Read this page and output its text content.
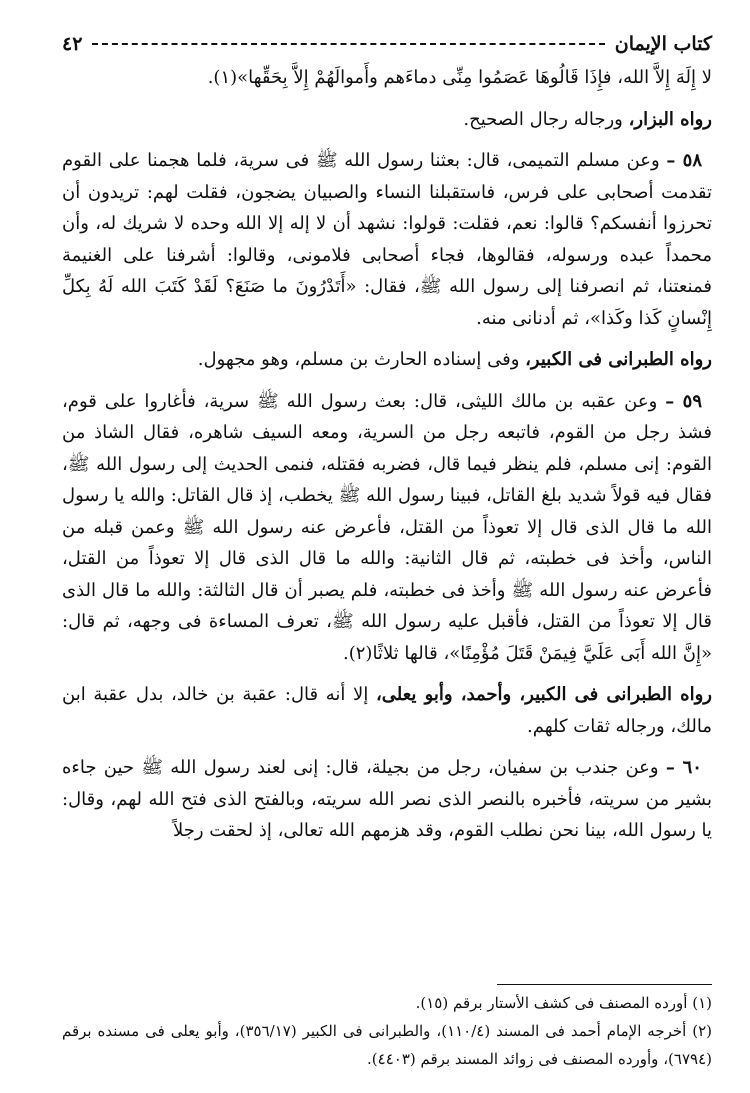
كتاب الإيمان
٤٢

لا إِلَهَ إِلاَّ الله، فإِذَا قَالُوهَا عَصَمُوا مِنِّى دماءَهم وأَموالَهُمْ إِلاَّ بِحَقِّها»(١).

رواه البزار، ورجاله رجال الصحيح.

٥٨ – وعن مسلم التميمى، قال: بعثنا رسول الله ﷺ فى سرية، فلما هجمنا على القوم تقدمت أصحابى على فرس، فاستقبلنا النساء والصبيان يضجون، فقلت لهم: تريدون أن تحرزوا أنفسكم؟ قالوا: نعم، فقلت: قولوا: نشهد أن لا إله إلا الله وحده لا شريك له، وأن محمداً عبده ورسوله، فقالوها، فجاء أصحابى فلامونى، وقالوا: أشرفنا على الغنيمة فمنعتنا، ثم انصرفنا إلى رسول الله ﷺ، فقال: «أَتَدْرُونَ ما صَنَعَ؟ لَقَدْ كَتَبَ الله لَهُ بِكلِّ إِنْسانٍ كَذا وكَذا»، ثم أدنانى منه.

رواه الطبرانى فى الكبير، وفى إسناده الحارث بن مسلم، وهو مجهول.

٥٩ – وعن عقبه بن مالك الليثى، قال: بعث رسول الله ﷺ سرية، فأغاروا على قوم، فشذ رجل من القوم، فاتبعه رجل من السرية، ومعه السيف شاهره، فقال الشاذ من القوم: إنى مسلم، فلم ينظر فيما قال، فضربه فقتله، فنمى الحديث إلى رسول الله ﷺ، فقال فيه قولاً شديد بلغ القاتل، فبينا رسول الله ﷺ يخطب، إذ قال القاتل: والله يا رسول الله ما قال الذى قال إلا تعوذاً من القتل، فأعرض عنه رسول الله ﷺ وعمن قبله من الناس، وأخذ فى خطبته، ثم قال الثانية: والله ما قال الذى قال إلا تعوذاً من القتل، فأعرض عنه رسول الله ﷺ وأخذ فى خطبته، فلم يصبر أن قال الثالثة: والله ما قال الذى قال إلا تعوذاً من القتل، فأقبل عليه رسول الله ﷺ، تعرف المساءة فى وجهه، ثم قال: «إِنَّ الله أَبَى عَلَيَّ فِيمَنْ قَتَلَ مُؤْمِنًا»، قالها ثلاثًا(٢).

رواه الطبرانى فى الكبير، وأحمد، وأبو يعلى، إلا أنه قال: عقبة بن خالد، بدل عقبة ابن مالك، ورجاله ثقات كلهم.

٦٠ – وعن جندب بن سفيان، رجل من بجيلة، قال: إنى لعند رسول الله ﷺ حين جاءه بشير من سريته، فأخبره بالنصر الذى نصر الله سريته، وبالفتح الذى فتح الله لهم، وقال: يا رسول الله، بينا نحن نطلب القوم، وقد هزمهم الله تعالى، إذ لحقت رجلاً

(١) أورده المصنف فى كشف الأستار برقم (١٥).

(٢) أخرجه الإمام أحمد فى المسند (١١٠/٤)، والطبرانى فى الكبير (٣٥٦/١٧)، وأبو يعلى فى مسنده برقم (٦٧٩٤)، وأورده المصنف فى زوائد المسند برقم (٤٤٠٣).
